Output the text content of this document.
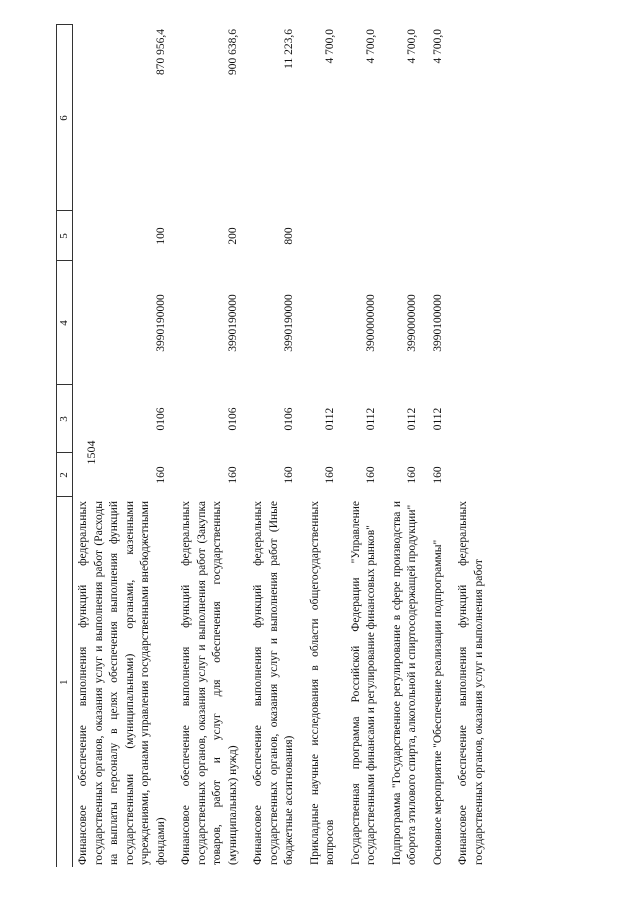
1504
1	2	3	4	5	6
Финансовое обеспечение выполнения функций федеральных государственных органов, оказания услуг и выполнения работ (Расходы на выплаты персоналу в целях обеспечения выполнения функций государственными (муниципальными) органами, казенными учреждениями, органами управления государственными внебюджетными фондами)	160	0106	3990190000	100	870 956,4
Финансовое обеспечение выполнения функций федеральных государственных органов, оказания услуг и выполнения работ (Закупка товаров, работ и услуг для обеспечения государственных (муниципальных) нужд)	160	0106	3990190000	200	900 638,6
Финансовое обеспечение выполнения функций федеральных государственных органов, оказания услуг и выполнения работ (Иные бюджетные ассигнования)	160	0106	3990190000	800	11 223,6
Прикладные научные исследования в области общегосударственных вопросов	160	0112			4 700,0
Государственная программа Российской Федерации "Управление государственными финансами и регулирование финансовых рынков"	160	0112	3900000000		4 700,0
Подпрограмма "Государственное регулирование в сфере производства и оборота этилового спирта, алкогольной и спиртосодержащей продукции"	160	0112	3990000000		4 700,0
Основное мероприятие "Обеспечение реализации подпрограммы"	160	0112	3990100000		4 700,0
Финансовое обеспечение выполнения функций федеральных государственных органов, оказания услуг и выполнения работ					
